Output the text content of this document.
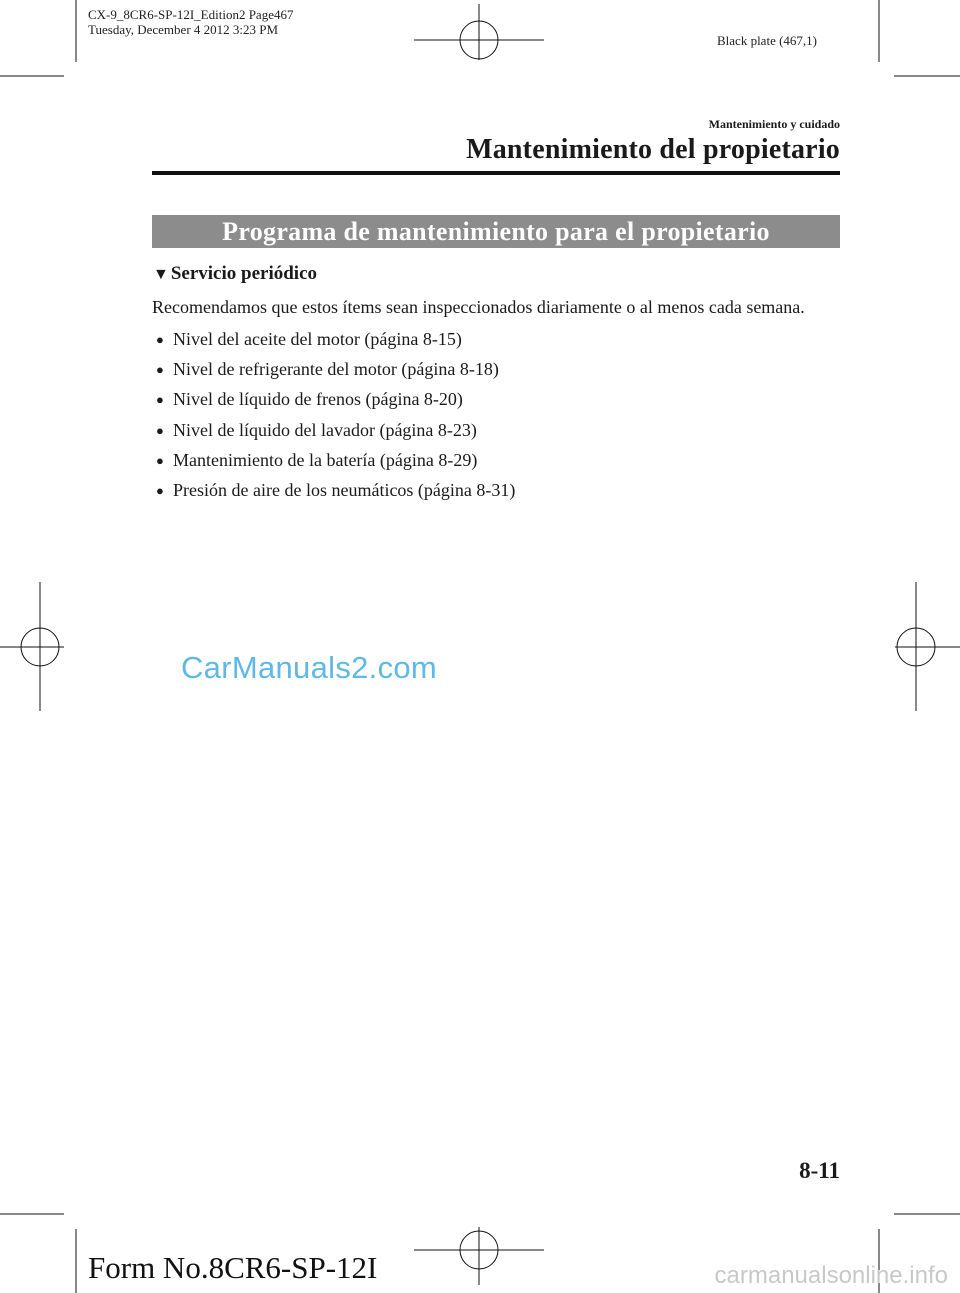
CX-9_8CR6-SP-12I_Edition2 Page467
Tuesday, December 4 2012 3:23 PM
Black plate (467,1)
Mantenimiento y cuidado
Mantenimiento del propietario
Programa de mantenimiento para el propietario
▼ Servicio periódico
Recomendamos que estos ítems sean inspeccionados diariamente o al menos cada semana.
● Nivel del aceite del motor (página 8-15)
● Nivel de refrigerante del motor (página 8-18)
● Nivel de líquido de frenos (página 8-20)
● Nivel de líquido del lavador (página 8-23)
● Mantenimiento de la batería (página 8-29)
● Presión de aire de los neumáticos (página 8-31)
CarManuals2.com
8-11
Form No.8CR6-SP-12I	carmanualsonline.info
